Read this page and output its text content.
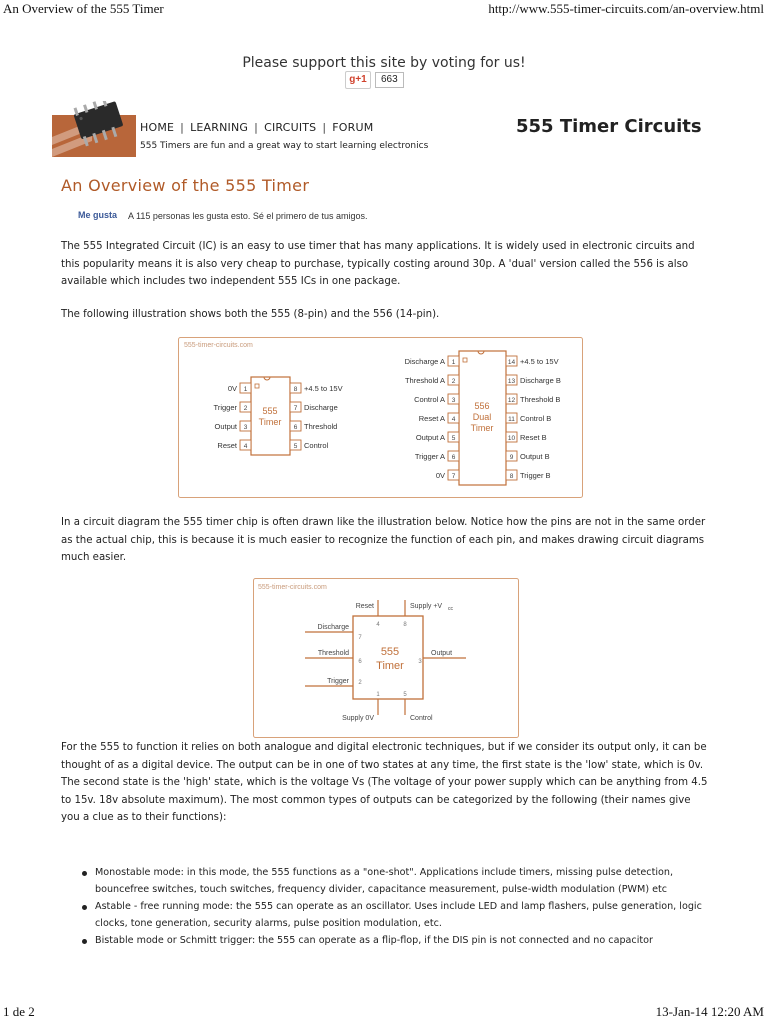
An Overview of the 555 Timer	http://www.555-timer-circuits.com/an-overview.html
Please support this site by voting for us!
g+1	663
HOME | LEARNING | CIRCUITS | FORUM
555 Timers are fun and a great way to start learning electronics
555 Timer Circuits
An Overview of the 555 Timer
Me gusta A 115 personas les gusta esto. Sé el primero de tus amigos.
The 555 Integrated Circuit (IC) is an easy to use timer that has many applications. It is widely used in electronic circuits and this popularity means it is also very cheap to purchase, typically costing around 30p. A 'dual' version called the 556 is also available which includes two independent 555 ICs in one package.
The following illustration shows both the 555 (8-pin) and the 556 (14-pin).
555-timer-circuits.com
555
Timer
1
0V
2
Trigger
3
Output
4
Reset
8 +4.5 to 15V
7 Discharge
6 Threshold
5 Control
556
Dual
Timer
1
Discharge A
2
Threshold A
3
Control A
4
Reset A
5
Output A
6
Trigger A
7
0V
14 +4.5 to 15V
13 Discharge B
12 Threshold B
11 Control B
10 Reset B
9 Output B
8 Trigger B
In a circuit diagram the 555 timer chip is often drawn like the illustration below. Notice how the pins are not in the same order as the actual chip, this is because it is much easier to recognize the function of each pin, and makes drawing circuit diagrams much easier.
555-timer-circuits.com
555
Timer
Reset
4
Supply +V cc
8
Discharge
7
Threshold
6
Trigger 2
Output
3
Supply 0V
1
Control
5
For the 555 to function it relies on both analogue and digital electronic techniques, but if we consider its output only, it can be thought of as a digital device. The output can be in one of two states at any time, the first state is the 'low' state, which is 0v. The second state is the 'high' state, which is the voltage Vs (The voltage of your power supply which can be anything from 4.5 to 15v. 18v absolute maximum). The most common types of outputs can be categorized by the following (their names give you a clue as to their functions):
Monostable mode: in this mode, the 555 functions as a "one-shot". Applications include timers, missing pulse detection, bouncefree switches, touch switches, frequency divider, capacitance measurement, pulse-width modulation (PWM) etc
Astable - free running mode: the 555 can operate as an oscillator. Uses include LED and lamp flashers, pulse generation, logic clocks, tone generation, security alarms, pulse position modulation, etc.
Bistable mode or Schmitt trigger: the 555 can operate as a flip-flop, if the DIS pin is not connected and no capacitor
1 de 2	13-Jan-14 12:20 AM
